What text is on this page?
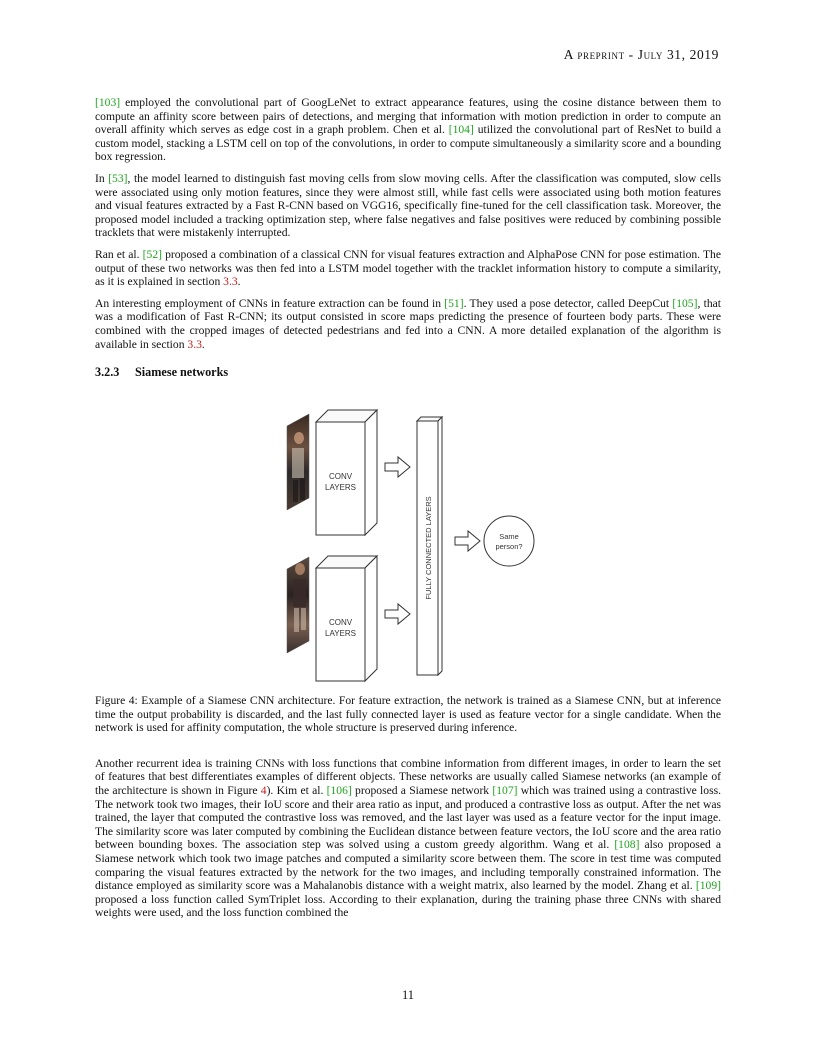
A preprint - July 31, 2019

[103] employed the convolutional part of GoogLeNet to extract appearance features, using the cosine distance between them to compute an affinity score between pairs of detections, and merging that information with motion prediction in order to compute an overall affinity which serves as edge cost in a graph problem. Chen et al. [104] utilized the convolutional part of ResNet to build a custom model, stacking a LSTM cell on top of the convolutions, in order to compute simultaneously a similarity score and a bounding box regression.

In [53], the model learned to distinguish fast moving cells from slow moving cells. After the classification was computed, slow cells were associated using only motion features, since they were almost still, while fast cells were associated using both motion features and visual features extracted by a Fast R-CNN based on VGG16, specifically fine-tuned for the cell classification task. Moreover, the proposed model included a tracking optimization step, where false negatives and false positives were reduced by combining possible tracklets that were mistakenly interrupted.

Ran et al. [52] proposed a combination of a classical CNN for visual features extraction and AlphaPose CNN for pose estimation. The output of these two networks was then fed into a LSTM model together with the tracklet information history to compute a similarity, as it is explained in section 3.3.

An interesting employment of CNNs in feature extraction can be found in [51]. They used a pose detector, called DeepCut [105], that was a modification of Fast R-CNN; its output consisted in score maps predicting the presence of fourteen body parts. These were combined with the cropped images of detected pedestrians and fed into a CNN. A more detailed explanation of the algorithm is available in section 3.3.

3.2.3 Siamese networks
CONV
LAYERS
CONV
LAYERS
FULLY CONNECTED LAYERS	Same
person?
Figure 4: Example of a Siamese CNN architecture. For feature extraction, the network is trained as a Siamese CNN, but at inference time the output probability is discarded, and the last fully connected layer is used as feature vector for a single candidate. When the network is used for affinity computation, the whole structure is preserved during inference.

Another recurrent idea is training CNNs with loss functions that combine information from different images, in order to learn the set of features that best differentiates examples of different objects. These networks are usually called Siamese networks (an example of the architecture is shown in Figure 4). Kim et al. [106] proposed a Siamese network [107] which was trained using a contrastive loss. The network took two images, their IoU score and their area ratio as input, and produced a contrastive loss as output. After the net was trained, the layer that computed the contrastive loss was removed, and the last layer was used as a feature vector for the input image. The similarity score was later computed by combining the Euclidean distance between feature vectors, the IoU score and the area ratio between bounding boxes. The association step was solved using a custom greedy algorithm. Wang et al. [108] also proposed a Siamese network which took two image patches and computed a similarity score between them. The score in test time was computed comparing the visual features extracted by the network for the two images, and including temporally constrained information. The distance employed as similarity score was a Mahalanobis distance with a weight matrix, also learned by the model. Zhang et al. [109] proposed a loss function called SymTriplet loss. According to their explanation, during the training phase three CNNs with shared weights were used, and the loss function combined the

11
